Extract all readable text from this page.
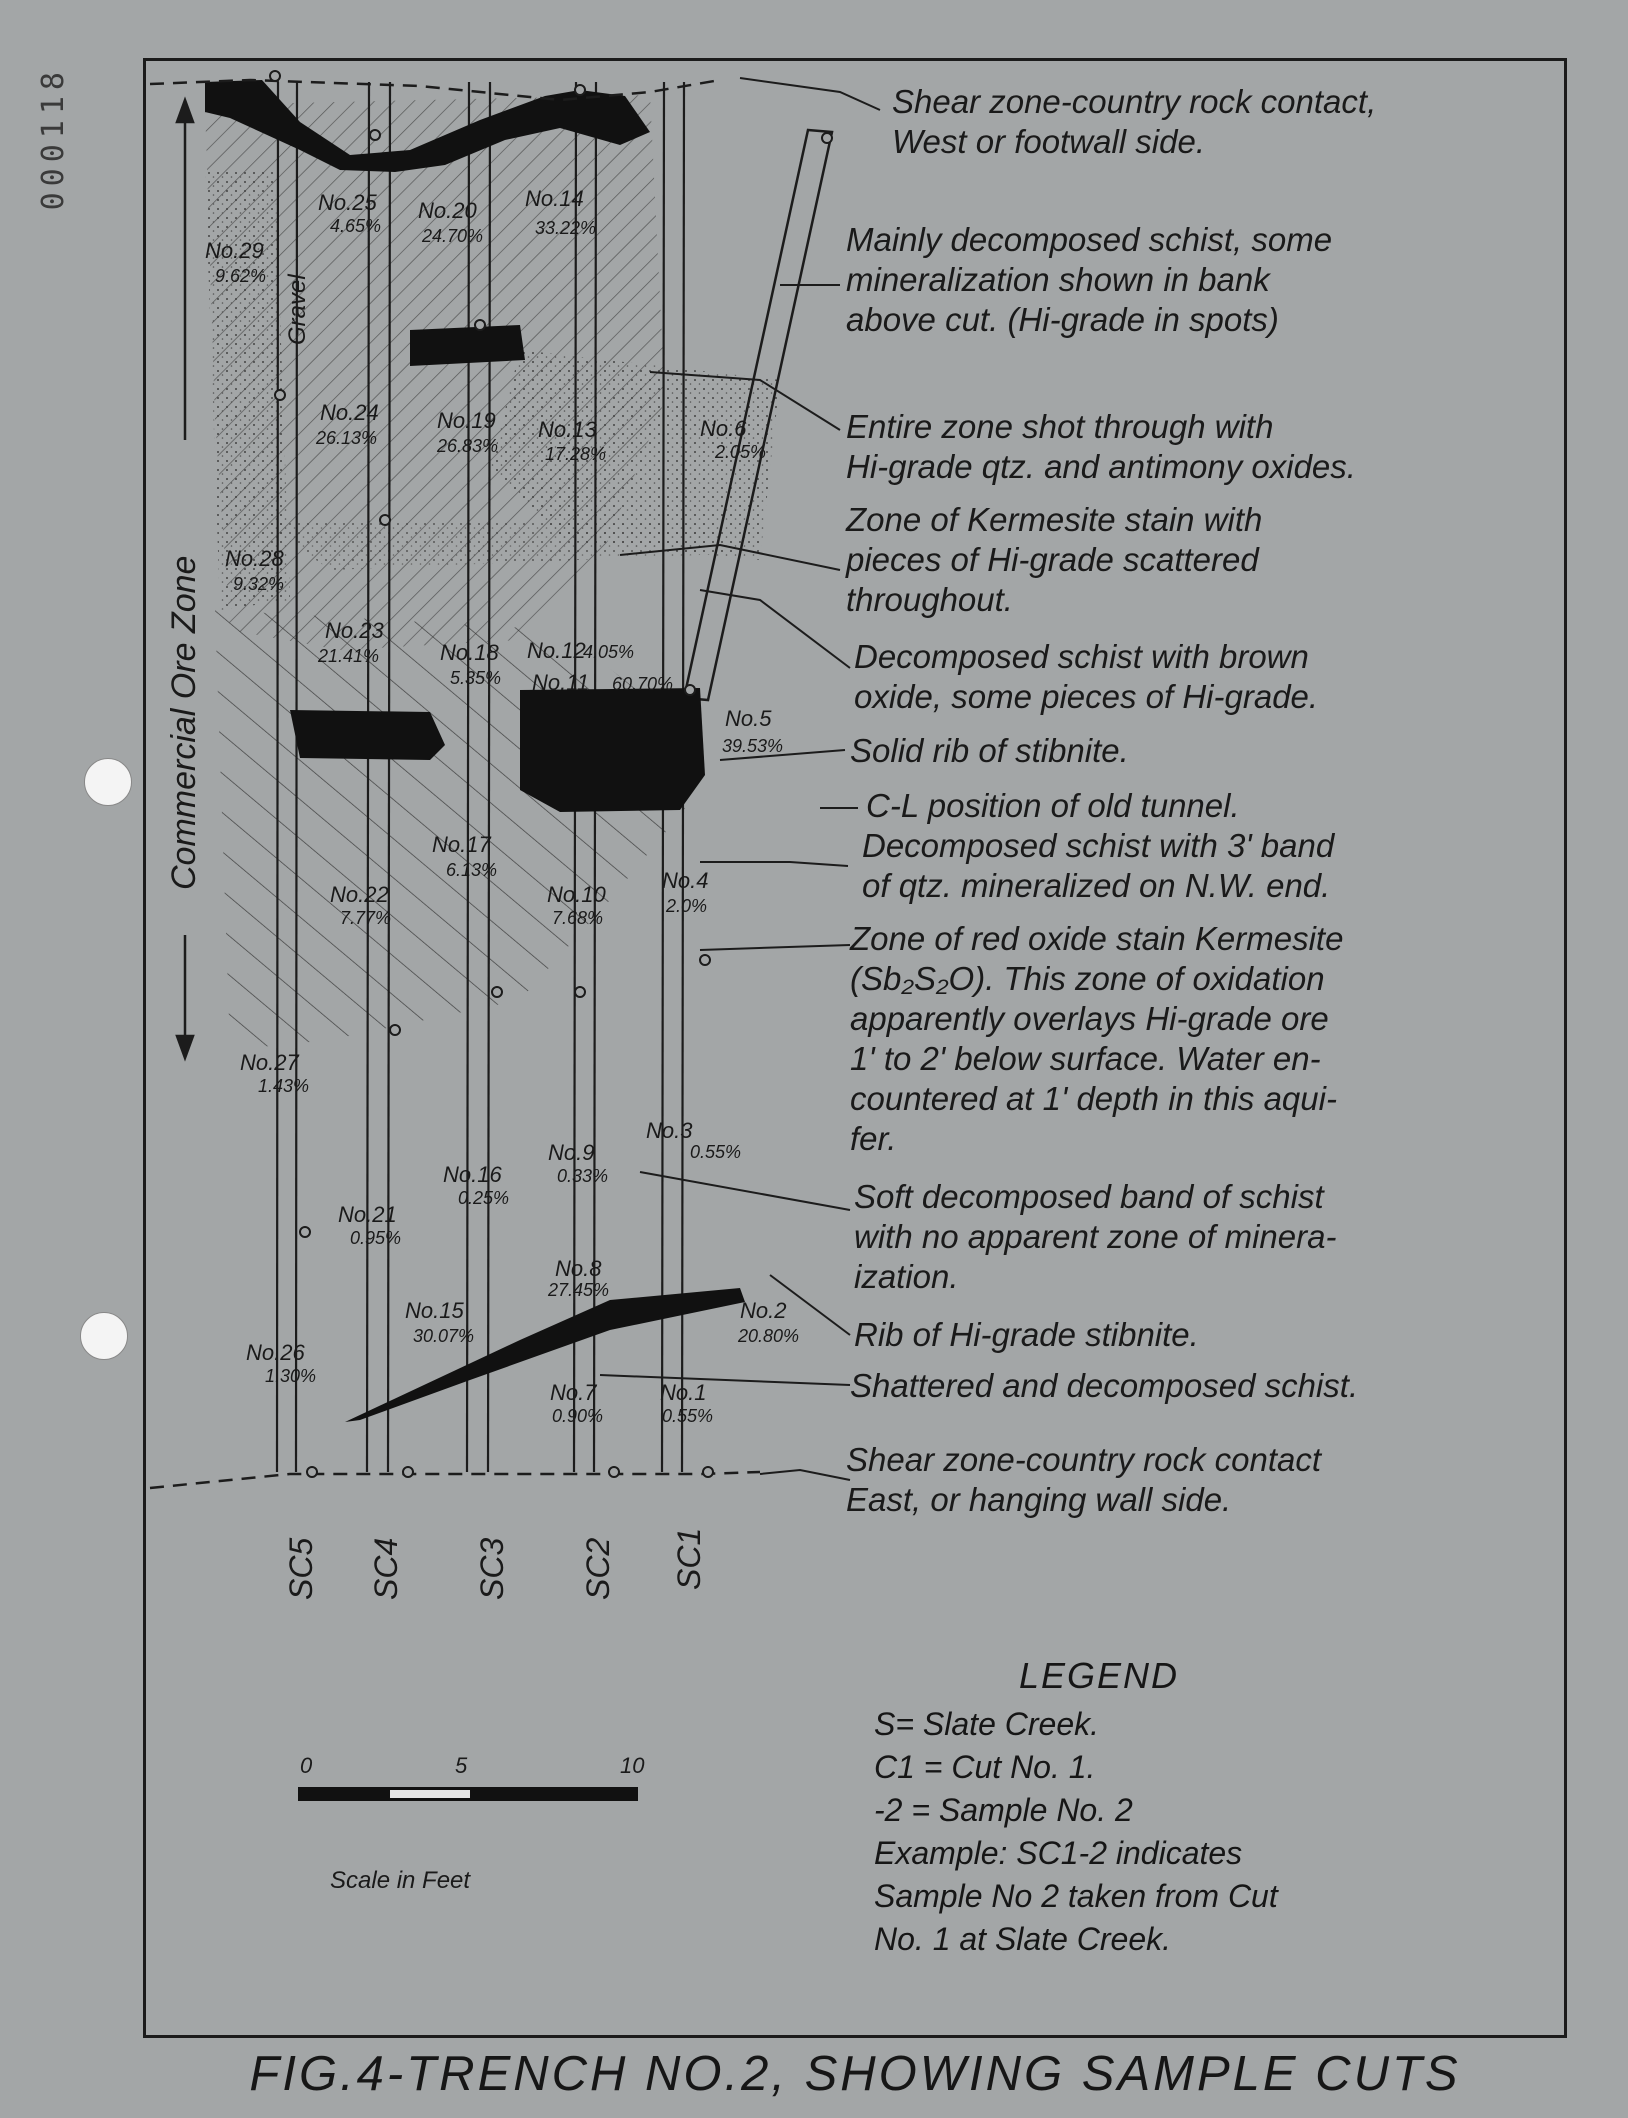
000118
0	5	10
Scale in Feet
Commercial Ore Zone
Gravel
SC5 SC4 SC3 SC2 SC1
No.29
9.62%
No.25
4.65%
No.20
24.70%
No.14
33.22%
No.24
26.13%
No.19
26.83%
No.13
17.28%
No.6
2.05%
No.28
9.32%
No.23
21.41%	No.18
5.35%
No.12
4.05%
No.11 60.70%
No.5
39.53%
No.17
6.13%
No.22
7.77%
No.10
7.68%
No.4
2.0%
No.27
1.43%
No.3
0.55%
No.9
0.33%
No.16
0.25%
No.21
0.95%
No.8
27.45%
No.15
30.07%
No.2
20.80%
No.26
1.30%
No.7
0.90%
No.1
0.55%
Shear zone-country rock contact,
West or footwall side.
Mainly decomposed schist, some
mineralization shown in bank
above cut. (Hi-grade in spots)
Entire zone shot through with
Hi-grade qtz. and antimony oxides.
Zone of Kermesite stain with
pieces of Hi-grade scattered
throughout.
Decomposed schist with brown
oxide, some pieces of Hi-grade.
Solid rib of stibnite.
C-L position of old tunnel.
Decomposed schist with 3' band
of qtz. mineralized on N.W. end.
Zone of red oxide stain Kermesite
(Sb₂S₂O). This zone of oxidation
apparently overlays Hi-grade ore
1' to 2' below surface. Water en-
countered at 1' depth in this aqui-
fer.
Soft decomposed band of schist
with no apparent zone of minera-
ization.
Rib of Hi-grade stibnite.
Shattered and decomposed schist.
Shear zone-country rock contact
East, or hanging wall side.
LEGEND
S= Slate Creek.
C1 = Cut No. 1.
-2 = Sample No. 2
Example: SC1-2 indicates
Sample No 2 taken from Cut
No. 1 at Slate Creek.
FIG.4-TRENCH NO.2, SHOWING SAMPLE CUTS
